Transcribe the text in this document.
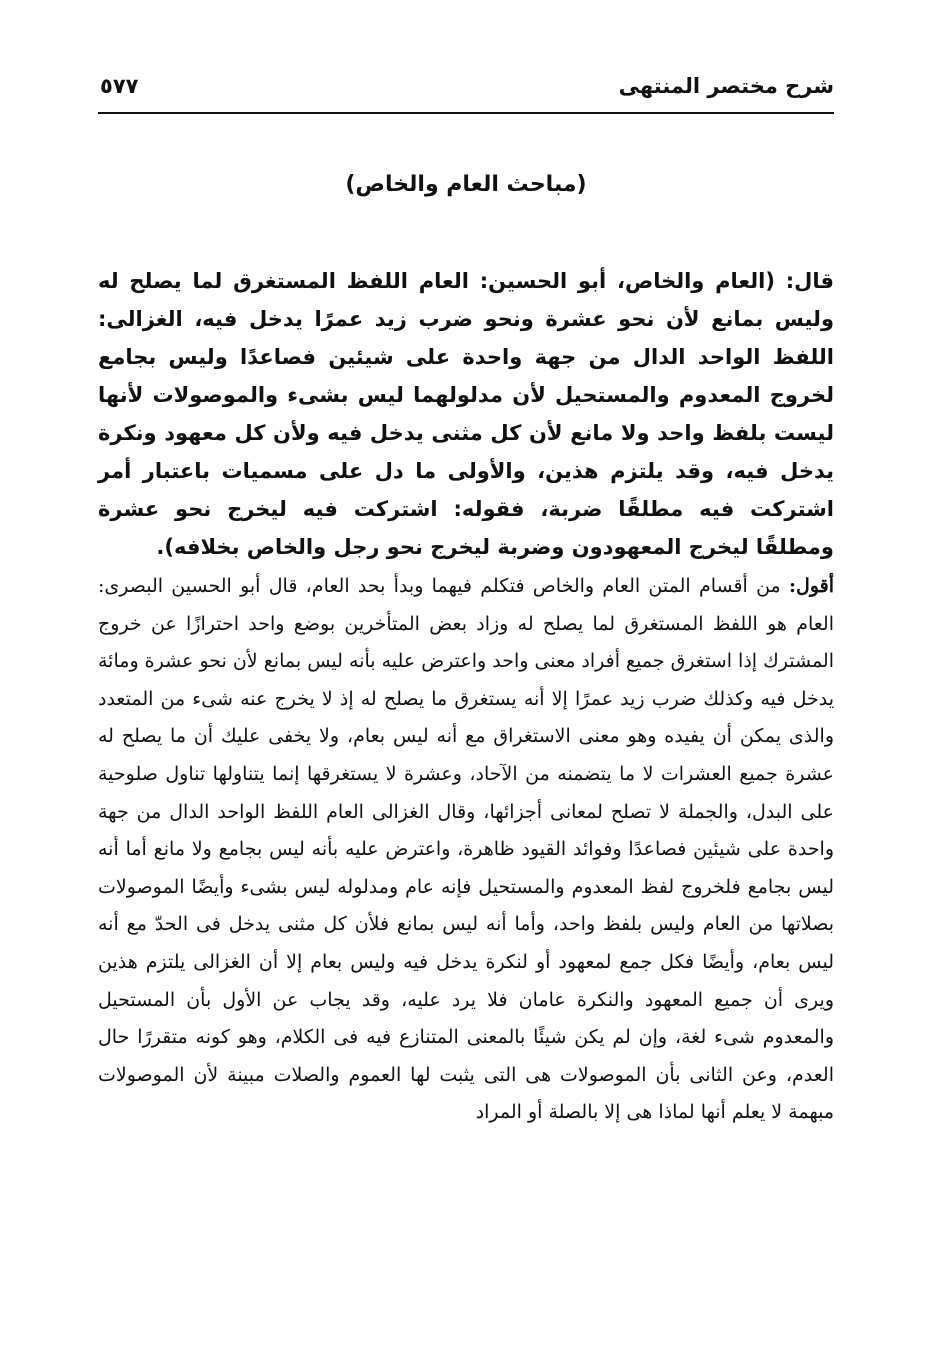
شرح مختصر المنتهى
٥٧٧
(مباحث العام والخاص)
قال: (العام والخاص، أبو الحسين: العام اللفظ المستغرق لما يصلح له وليس بمانع لأن نحو عشرة ونحو ضرب زيد عمرًا يدخل فيه، الغزالى: اللفظ الواحد الدال من جهة واحدة على شيئين فصاعدًا وليس بجامع لخروج المعدوم والمستحيل لأن مدلولهما ليس بشىء والموصولات لأنها ليست بلفظ واحد ولا مانع لأن كل مثنى يدخل فيه ولأن كل معهود ونكرة يدخل فيه، وقد يلتزم هذين، والأولى ما دل على مسميات باعتبار أمر اشتركت فيه مطلقًا ضربة، فقوله: اشتركت فيه ليخرج نحو عشرة ومطلقًا ليخرج المعهودون وضربة ليخرج نحو رجل والخاص بخلافه).
أقول: من أقسام المتن العام والخاص فتكلم فيهما وبدأ بحد العام، قال أبو الحسين البصرى: العام هو اللفظ المستغرق لما يصلح له وزاد بعض المتأخرين بوضع واحد احترازًا عن خروج المشترك إذا استغرق جميع أفراد معنى واحد واعترض عليه بأنه ليس بمانع لأن نحو عشرة ومائة يدخل فيه وكذلك ضرب زيد عمرًا إلا أنه يستغرق ما يصلح له إذ لا يخرج عنه شىء من المتعدد والذى يمكن أن يفيده وهو معنى الاستغراق مع أنه ليس بعام، ولا يخفى عليك أن ما يصلح له عشرة جميع العشرات لا ما يتضمنه من الآحاد، وعشرة لا يستغرقها إنما يتناولها تناول صلوحية على البدل، والجملة لا تصلح لمعانى أجزائها، وقال الغزالى العام اللفظ الواحد الدال من جهة واحدة على شيئين فصاعدًا وفوائد القيود ظاهرة، واعترض عليه بأنه ليس بجامع ولا مانع أما أنه ليس بجامع فلخروج لفظ المعدوم والمستحيل فإنه عام ومدلوله ليس بشىء وأيضًا الموصولات بصلاتها من العام وليس بلفظ واحد، وأما أنه ليس بمانع فلأن كل مثنى يدخل فى الحدّ مع أنه ليس بعام، وأيضًا فكل جمع لمعهود أو لنكرة يدخل فيه وليس بعام إلا أن الغزالى يلتزم هذين ويرى أن جميع المعهود والنكرة عامان فلا يرد عليه، وقد يجاب عن الأول بأن المستحيل والمعدوم شىء لغة، وإن لم يكن شيئًا بالمعنى المتنازع فيه فى الكلام، وهو كونه متقررًا حال العدم، وعن الثانى بأن الموصولات هى التى يثبت لها العموم والصلات مبينة لأن الموصولات مبهمة لا يعلم أنها لماذا هى إلا بالصلة أو المراد
